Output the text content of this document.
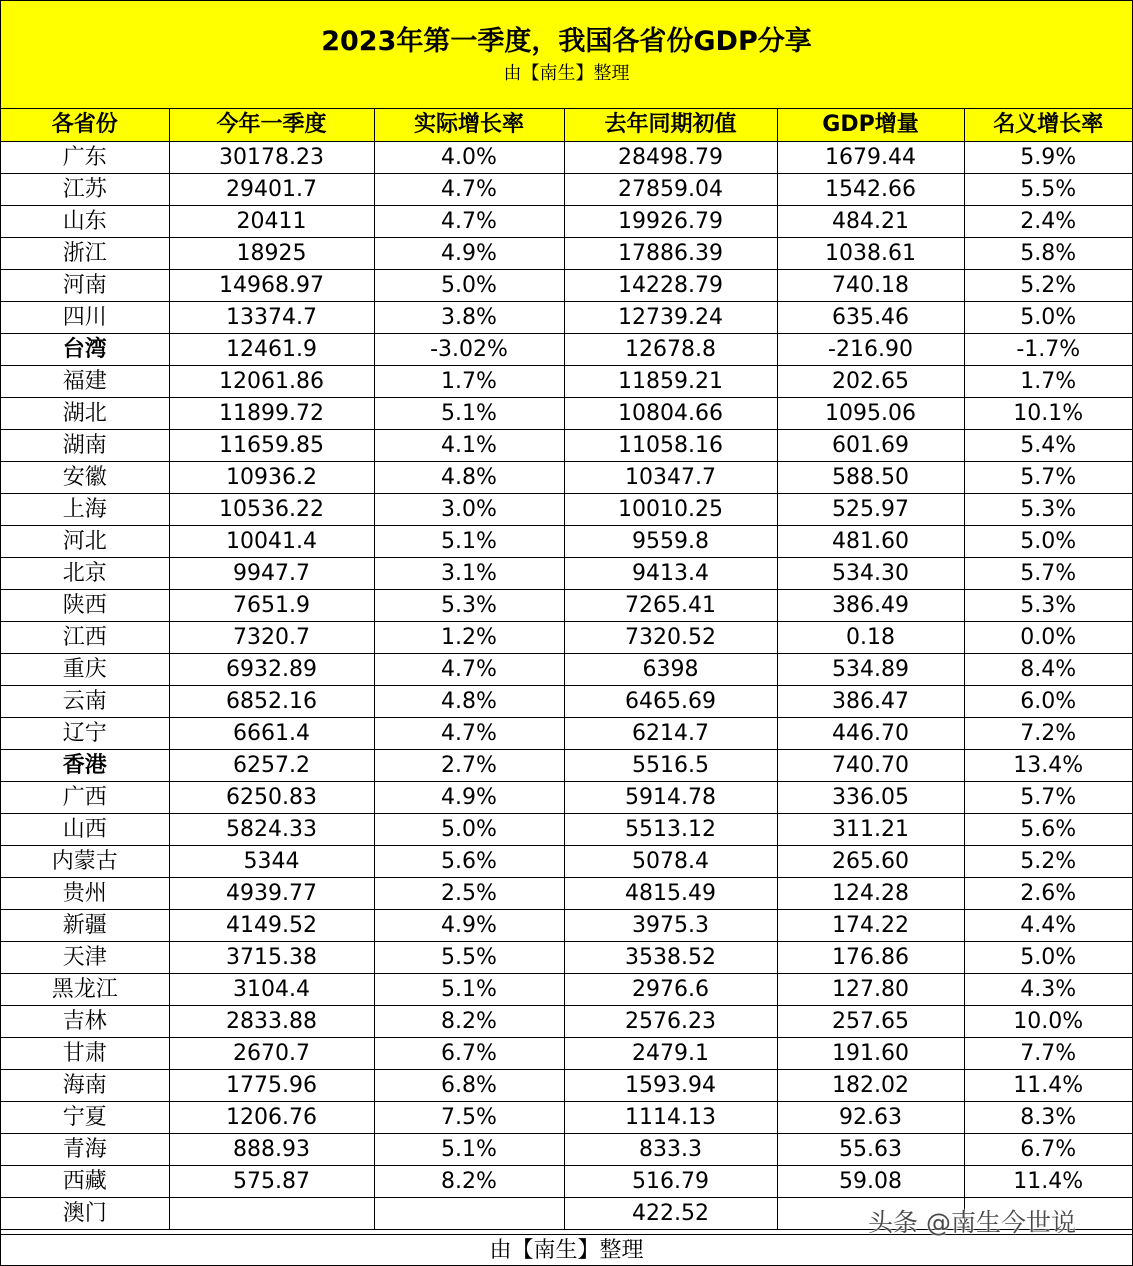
2023年第一季度，我国各省份GDP分享
由【南生】整理
各省份	今年一季度	实际增长率	去年同期初值	GDP增量	名义增长率
广东	30178.23	4.0%	28498.79	1679.44	5.9%
江苏	29401.7	4.7%	27859.04	1542.66	5.5%
山东	20411	4.7%	19926.79	484.21	2.4%
浙江	18925	4.9%	17886.39	1038.61	5.8%
河南	14968.97	5.0%	14228.79	740.18	5.2%
四川	13374.7	3.8%	12739.24	635.46	5.0%
台湾	12461.9	-3.02%	12678.8	-216.90	-1.7%
福建	12061.86	1.7%	11859.21	202.65	1.7%
湖北	11899.72	5.1%	10804.66	1095.06	10.1%
湖南	11659.85	4.1%	11058.16	601.69	5.4%
安徽	10936.2	4.8%	10347.7	588.50	5.7%
上海	10536.22	3.0%	10010.25	525.97	5.3%
河北	10041.4	5.1%	9559.8	481.60	5.0%
北京	9947.7	3.1%	9413.4	534.30	5.7%
陕西	7651.9	5.3%	7265.41	386.49	5.3%
江西	7320.7	1.2%	7320.52	0.18	0.0%
重庆	6932.89	4.7%	6398	534.89	8.4%
云南	6852.16	4.8%	6465.69	386.47	6.0%
辽宁	6661.4	4.7%	6214.7	446.70	7.2%
香港	6257.2	2.7%	5516.5	740.70	13.4%
广西	6250.83	4.9%	5914.78	336.05	5.7%
山西	5824.33	5.0%	5513.12	311.21	5.6%
内蒙古	5344	5.6%	5078.4	265.60	5.2%
贵州	4939.77	2.5%	4815.49	124.28	2.6%
新疆	4149.52	4.9%	3975.3	174.22	4.4%
天津	3715.38	5.5%	3538.52	176.86	5.0%
黑龙江	3104.4	5.1%	2976.6	127.80	4.3%
吉林	2833.88	8.2%	2576.23	257.65	10.0%
甘肃	2670.7	6.7%	2479.1	191.60	7.7%
海南	1775.96	6.8%	1593.94	182.02	11.4%
宁夏	1206.76	7.5%	1114.13	92.63	8.3%
青海	888.93	5.1%	833.3	55.63	6.7%
西藏	575.87	8.2%	516.79	59.08	11.4%
澳门			422.52		
由【南生】整理
头条 @南生今世说
